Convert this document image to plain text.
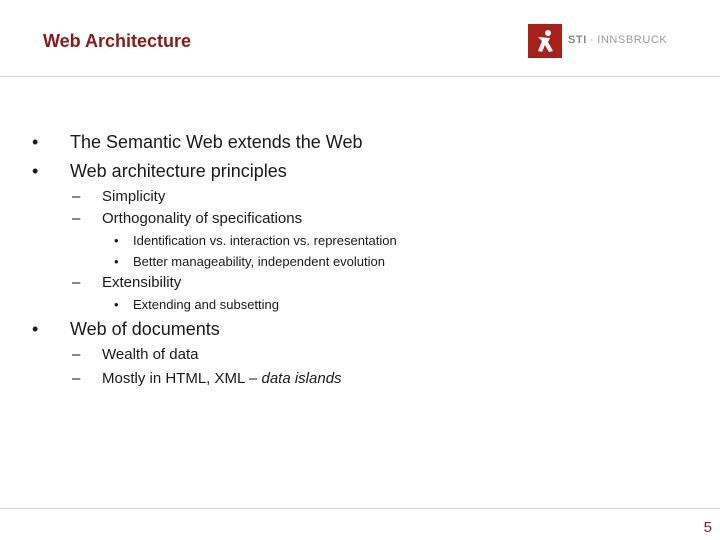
Web Architecture	STI · INNSBRUCK
• The Semantic Web extends the Web
• Web architecture principles
– Simplicity
– Orthogonality of specifications
• Identification vs. interaction vs. representation
• Better manageability, independent evolution
– Extensibility
• Extending and subsetting
• Web of documents
– Wealth of data
– Mostly in HTML, XML – data islands
5
